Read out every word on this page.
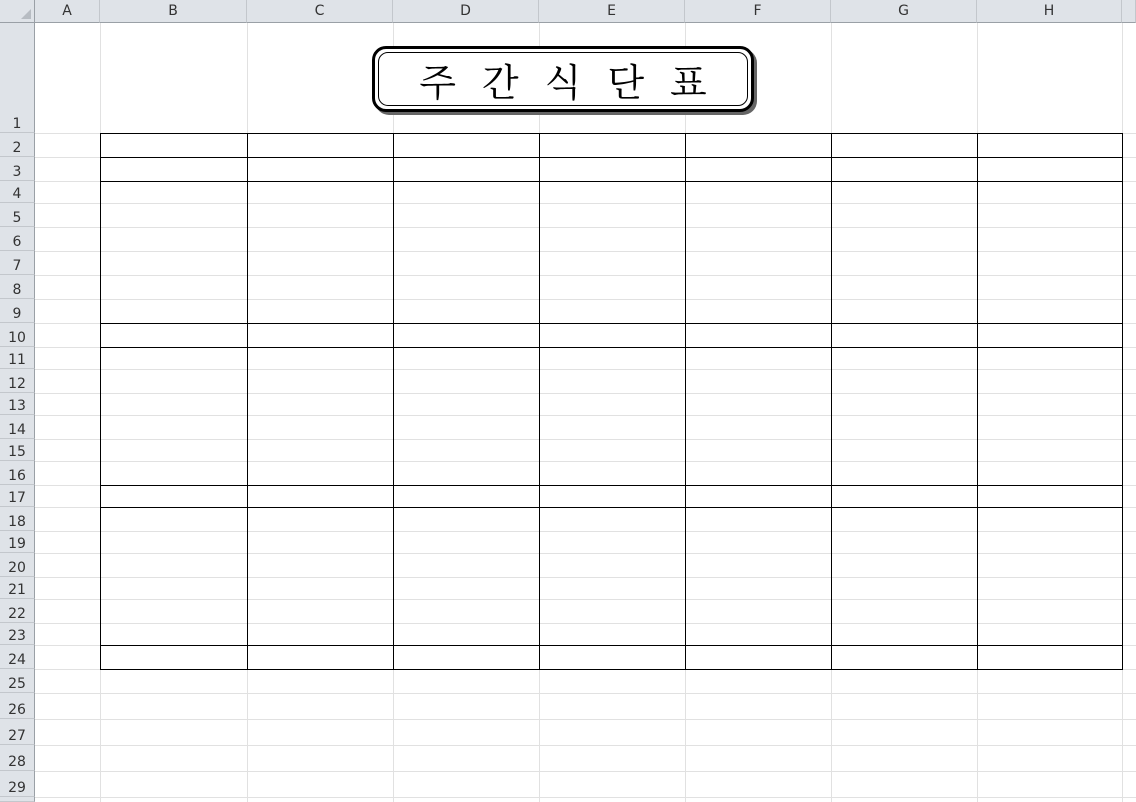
A	B	C	D	E	F	G	H
1
2
3
4
5
6
7
8
9
10
11
12
13
14
15
16
17
18
19
20
21
22
23
24
25
26
27
28
29
주간식단표
